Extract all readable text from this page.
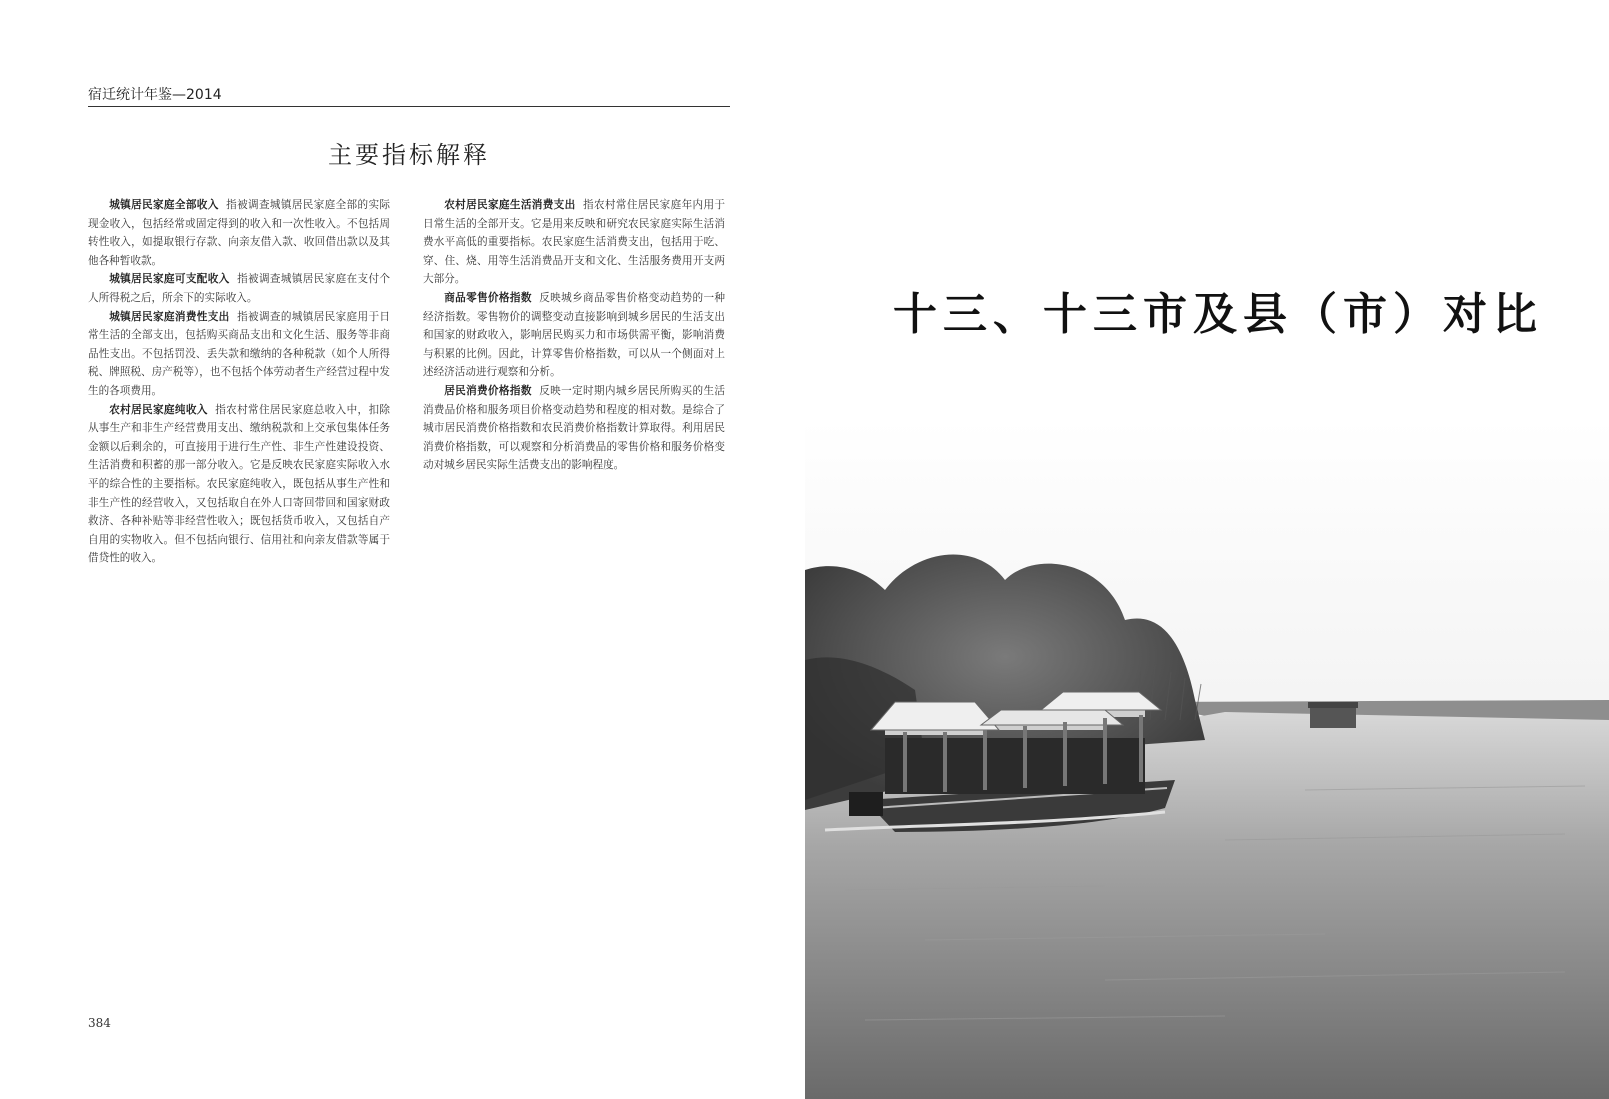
宿迁统计年鉴—2014
主要指标解释

城镇居民家庭全部收入 指被调查城镇居民家庭全部的实际现金收入，包括经常或固定得到的收入和一次性收入。不包括周转性收入，如提取银行存款、向亲友借入款、收回借出款以及其他各种暂收款。

城镇居民家庭可支配收入 指被调查城镇居民家庭在支付个人所得税之后，所余下的实际收入。

城镇居民家庭消费性支出 指被调查的城镇居民家庭用于日常生活的全部支出，包括购买商品支出和文化生活、服务等非商品性支出。不包括罚没、丢失款和缴纳的各种税款（如个人所得税、牌照税、房产税等），也不包括个体劳动者生产经营过程中发生的各项费用。

农村居民家庭纯收入 指农村常住居民家庭总收入中，扣除从事生产和非生产经营费用支出、缴纳税款和上交承包集体任务金额以后剩余的，可直接用于进行生产性、非生产性建设投资、生活消费和积蓄的那一部分收入。它是反映农民家庭实际收入水平的综合性的主要指标。农民家庭纯收入，既包括从事生产性和非生产性的经营收入，又包括取自在外人口寄回带回和国家财政救济、各种补贴等非经营性收入；既包括货币收入，又包括自产自用的实物收入。但不包括向银行、信用社和向亲友借款等属于借贷性的收入。

农村居民家庭生活消费支出 指农村常住居民家庭年内用于日常生活的全部开支。它是用来反映和研究农民家庭实际生活消费水平高低的重要指标。农民家庭生活消费支出，包括用于吃、穿、住、烧、用等生活消费品开支和文化、生活服务费用开支两大部分。

商品零售价格指数 反映城乡商品零售价格变动趋势的一种经济指数。零售物价的调整变动直接影响到城乡居民的生活支出和国家的财政收入，影响居民购买力和市场供需平衡，影响消费与积累的比例。因此，计算零售价格指数，可以从一个侧面对上述经济活动进行观察和分析。

居民消费价格指数 反映一定时期内城乡居民所购买的生活消费品价格和服务项目价格变动趋势和程度的相对数。是综合了城市居民消费价格指数和农民消费价格指数计算取得。利用居民消费价格指数，可以观察和分析消费品的零售价格和服务价格变动对城乡居民实际生活费支出的影响程度。

384
十三、十三市及县（市）对比
